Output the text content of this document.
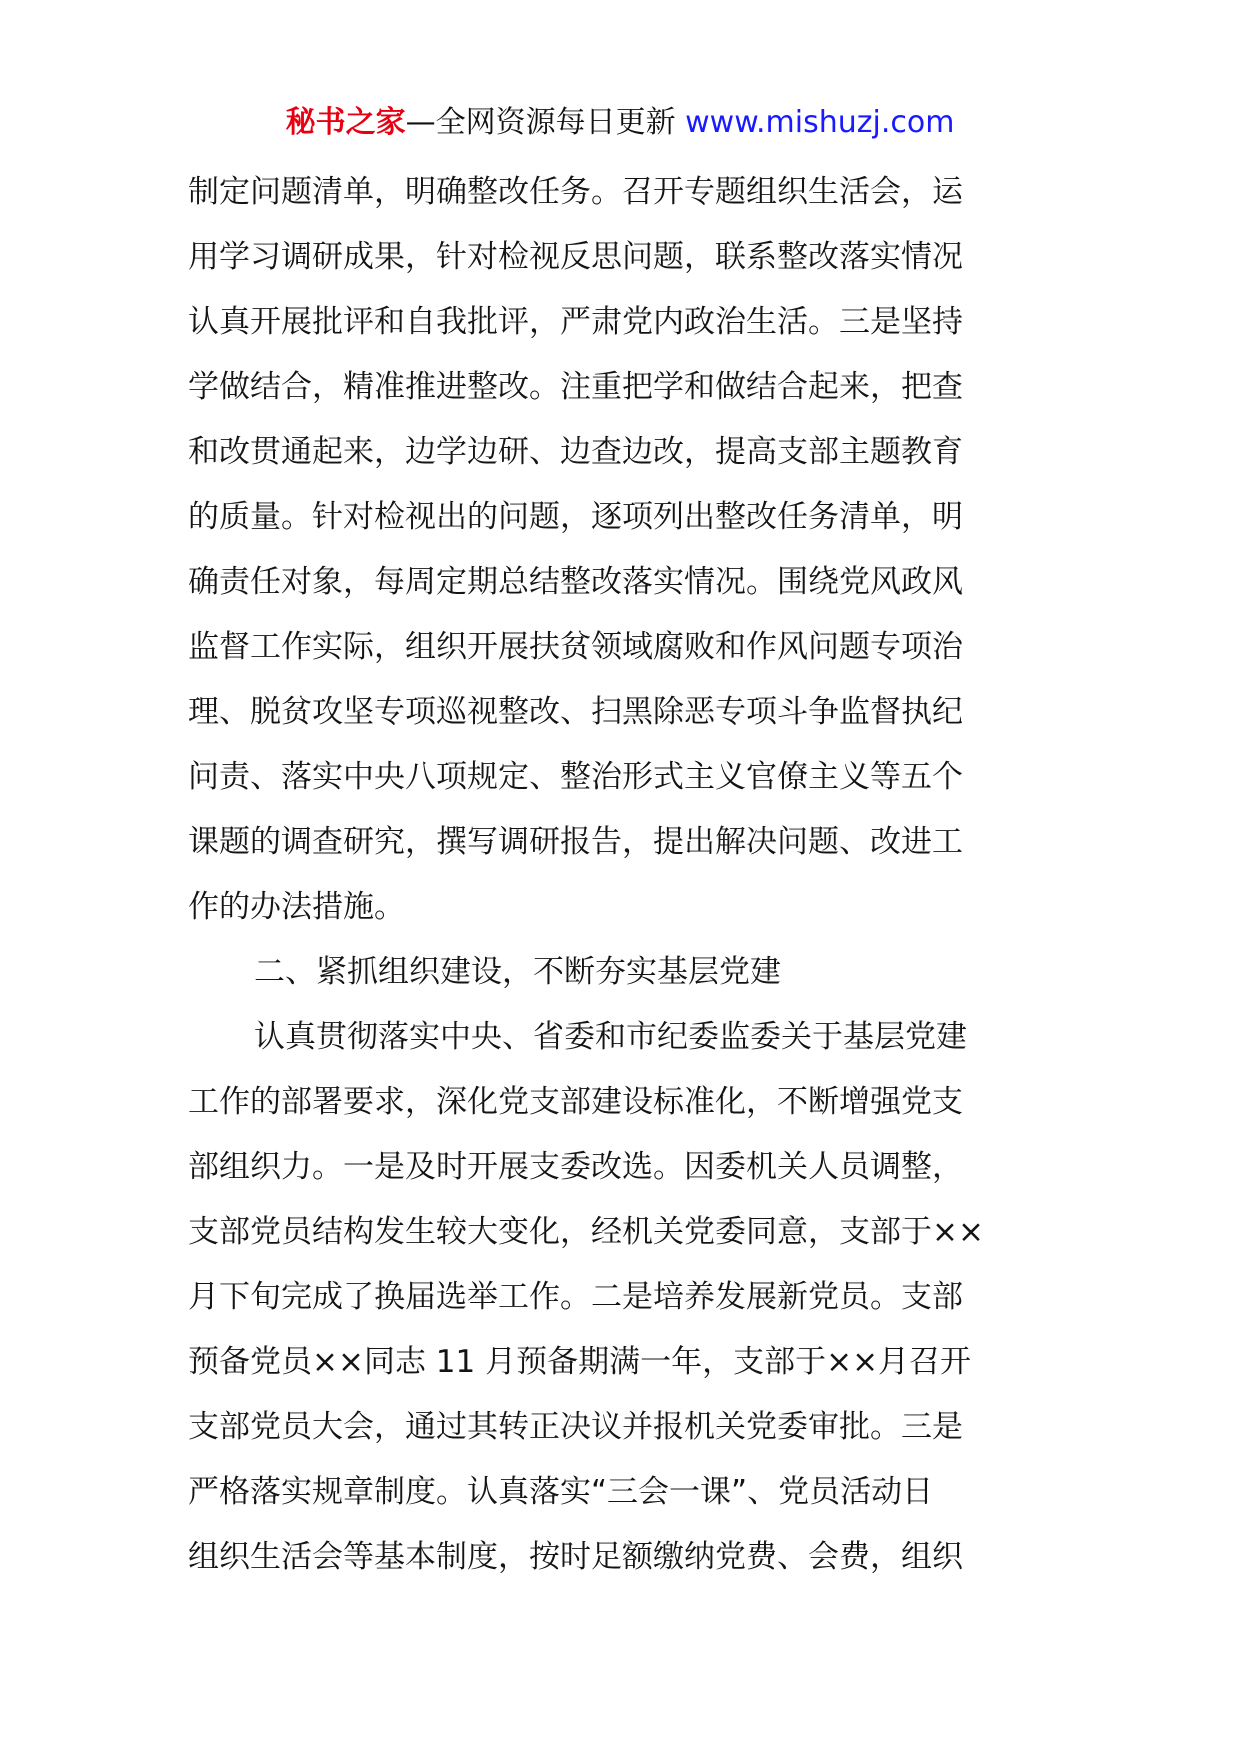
秘书之家—全网资源每日更新 www.mishuzj.com
制定问题清单，明确整改任务。召开专题组织生活会，运
用学习调研成果，针对检视反思问题，联系整改落实情况
认真开展批评和自我批评，严肃党内政治生活。三是坚持
学做结合，精准推进整改。注重把学和做结合起来，把查
和改贯通起来，边学边研、边查边改，提高支部主题教育
的质量。针对检视出的问题，逐项列出整改任务清单，明
确责任对象，每周定期总结整改落实情况。围绕党风政风
监督工作实际，组织开展扶贫领域腐败和作风问题专项治
理、脱贫攻坚专项巡视整改、扫黑除恶专项斗争监督执纪
问责、落实中央八项规定、整治形式主义官僚主义等五个
课题的调查研究，撰写调研报告，提出解决问题、改进工
作的办法措施。
二、紧抓组织建设，不断夯实基层党建
认真贯彻落实中央、省委和市纪委监委关于基层党建
工作的部署要求，深化党支部建设标准化，不断增强党支
部组织力。一是及时开展支委改选。因委机关人员调整，
支部党员结构发生较大变化，经机关党委同意，支部于××
月下旬完成了换届选举工作。二是培养发展新党员。支部
预备党员××同志 11 月预备期满一年，支部于××月召开
支部党员大会，通过其转正决议并报机关党委审批。三是
严格落实规章制度。认真落实“三会一课”、党员活动日
组织生活会等基本制度，按时足额缴纳党费、会费，组织
